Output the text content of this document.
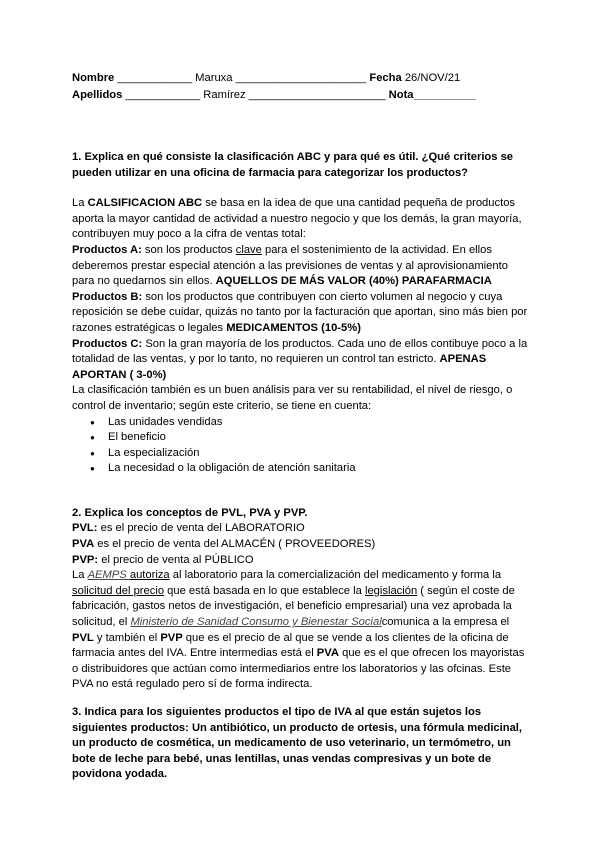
Nombre ____________ Maruxa _____________________ Fecha 26/NOV/21
Apellidos ____________ Ramírez ______________________ Nota__________

1. Explica en qué consiste la clasificación ABC y para qué es útil. ¿Qué criterios se pueden utilizar en una oficina de farmacia para categorizar los productos?

La CALSIFICACION ABC se basa en la idea de que una cantidad pequeña de productos aporta la mayor cantidad de actividad a nuestro negocio y que los demás, la gran mayoría, contribuyen muy poco a la cifra de ventas total:

Productos A: son los productos clave para el sostenimiento de la actividad. En ellos deberemos prestar especial atención a las previsiones de ventas y al aprovisionamiento para no quedarnos sin ellos. AQUELLOS DE MÁS VALOR (40%) PARAFARMACIA

Productos B: son los productos que contribuyen con cierto volumen al negocio y cuya reposición se debe cuidar, quizás no tanto por la facturación que aportan, sino más bien por razones estratégicas o legales MEDICAMENTOS (10-5%)

Productos C: Son la gran mayoría de los productos. Cada uno de ellos contibuye poco a la totalidad de las ventas, y por lo tanto, no requieren un control tan estricto. APENAS APORTAN ( 3-0%)

La clasificación también es un buen análisis para ver su rentabilidad, el nivel de riesgo, o control de inventario; según este criterio, se tiene en cuenta:

● Las unidades vendidas
● El beneficio
● La especialización
● La necesidad o la obligación de atención sanitaria

2. Explica los conceptos de PVL, PVA y PVP.

PVL: es el precio de venta del LABORATORIO

PVA es el precio de venta del ALMACÉN ( PROVEEDORES)

PVP: el precio de venta al PÚBLICO

La AEMPS autoriza al laboratorio para la comercialización del medicamento y forma la solicitud del precio que está basada en lo que establece la legislación ( según el coste de fabricación, gastos netos de investigación, el beneficio empresarial) una vez aprobada la solicitud, el Ministerio de Sanidad Consumo y Bienestar Socialcomunica a la empresa el PVL y también el PVP que es el precio de al que se vende a los clientes de la oficina de farmacia antes del IVA. Entre intermedias está el PVA que es el que ofrecen los mayoristas o distribuidores que actúan como intermediarios entre los laboratorios y las ofcinas. Este PVA no está regulado pero sí de forma indirecta.

3. Indica para los siguientes productos el tipo de IVA al que están sujetos los siguientes productos: Un antibiótico, un producto de ortesis, una fórmula medicinal, un producto de cosmética, un medicamento de uso veterinario, un termómetro, un bote de leche para bebé, unas lentillas, unas vendas compresivas y un bote de povidona yodada.
